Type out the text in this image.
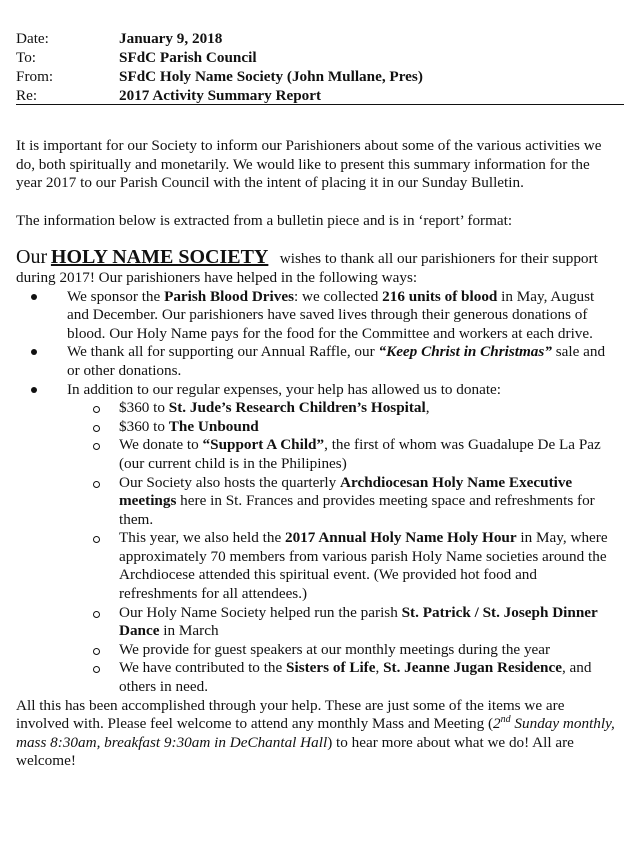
Date:	January 9, 2018
To:	SFdC Parish Council
From:	SFdC Holy Name Society (John Mullane, Pres)
Re:	2017 Activity Summary Report

It is important for our Society to inform our Parishioners about some of the various activities we do, both spiritually and monetarily. We would like to present this summary information for the year 2017 to our Parish Council with the intent of placing it in our Sunday Bulletin.

The information below is extracted from a bulletin piece and is in ‘report’ format:

Our HOLY NAME SOCIETY wishes to thank all our parishioners for their support during 2017! Our parishioners have helped in the following ways:

We sponsor the Parish Blood Drives: we collected 216 units of blood in May, August and December. Our parishioners have saved lives through their generous donations of blood. Our Holy Name pays for the food for the Committee and workers at each drive.
We thank all for supporting our Annual Raffle, our “Keep Christ in Christmas” sale and or other donations.
In addition to our regular expenses, your help has allowed us to donate:
$360 to St. Jude’s Research Children’s Hospital,
$360 to The Unbound
We donate to “Support A Child”, the first of whom was Guadalupe De La Paz (our current child is in the Philipines)
Our Society also hosts the quarterly Archdiocesan Holy Name Executive meetings here in St. Frances and provides meeting space and refreshments for them.
This year, we also held the 2017 Annual Holy Name Holy Hour in May, where approximately 70 members from various parish Holy Name societies around the Archdiocese attended this spiritual event. (We provided hot food and refreshments for all attendees.)
Our Holy Name Society helped run the parish St. Patrick / St. Joseph Dinner Dance in March
We provide for guest speakers at our monthly meetings during the year
We have contributed to the Sisters of Life, St. Jeanne Jugan Residence, and others in need.

All this has been accomplished through your help. These are just some of the items we are involved with. Please feel welcome to attend any monthly Mass and Meeting (2nd Sunday monthly, mass 8:30am, breakfast 9:30am in DeChantal Hall) to hear more about what we do! All are welcome!
